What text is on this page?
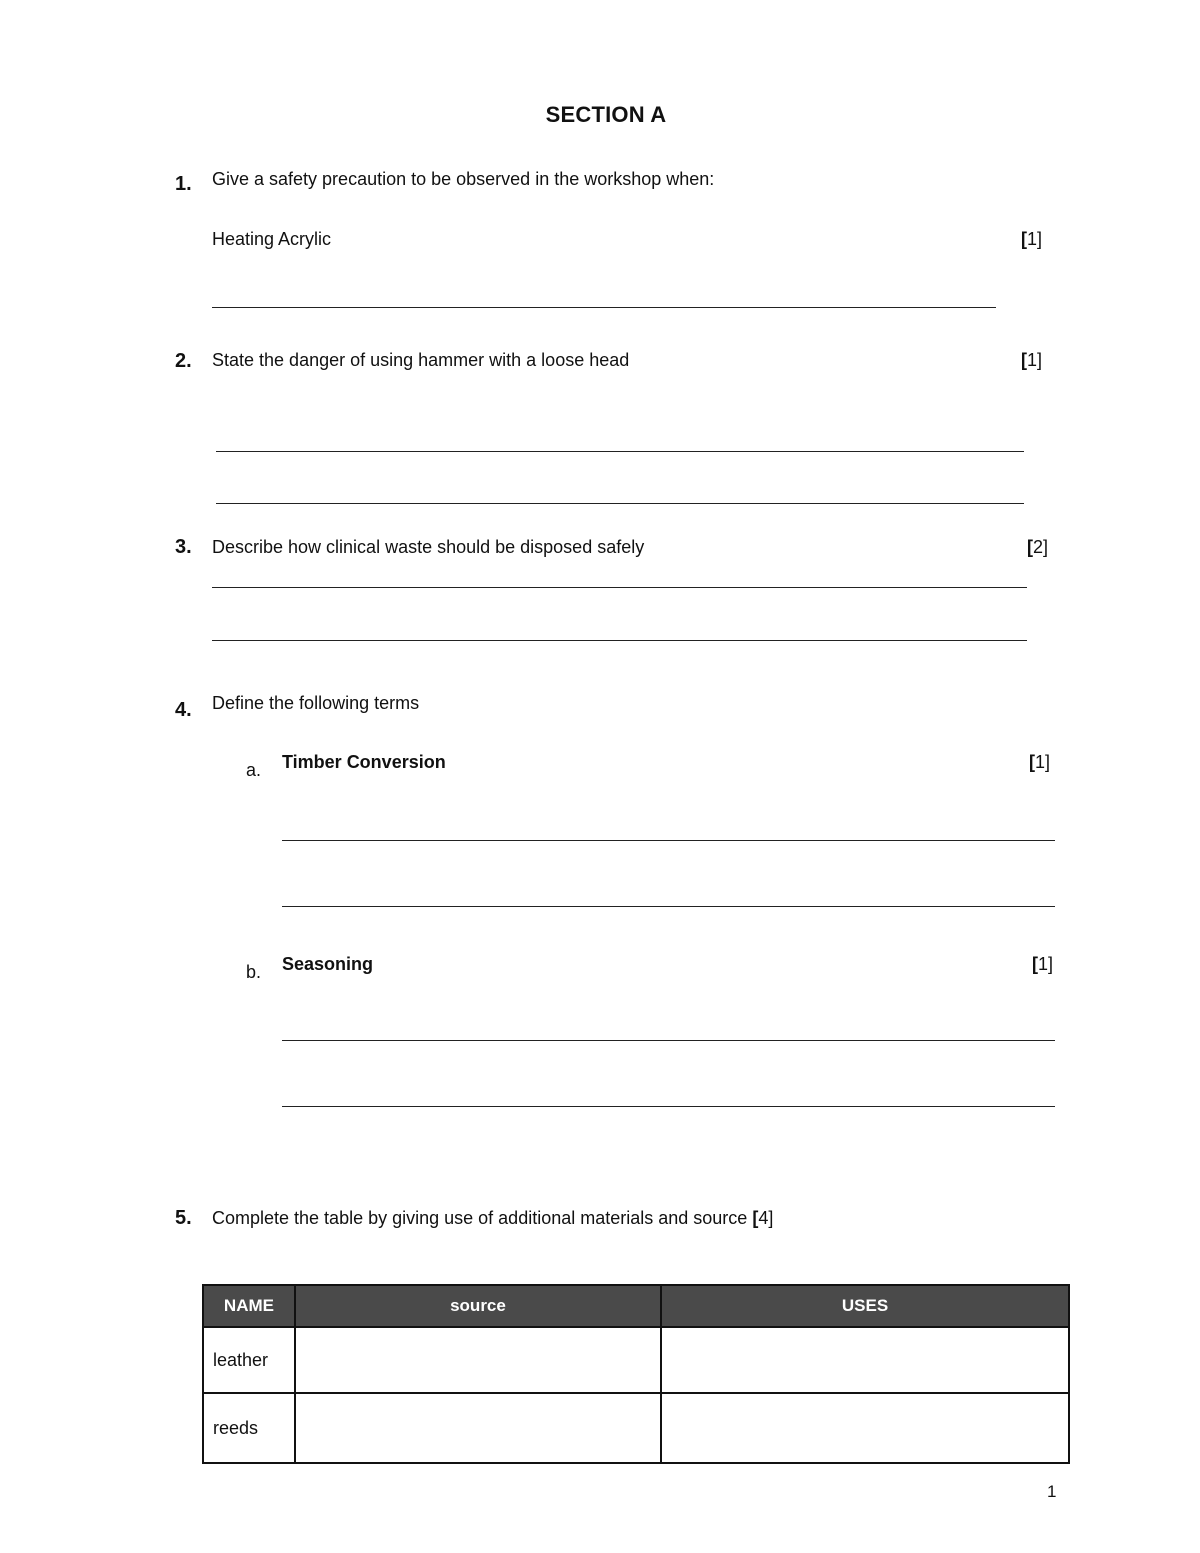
SECTION A
1. Give a safety precaution to be observed in the workshop when:
Heating Acrylic	[1]
2. State the danger of using hammer with a loose head	[1]
3. Describe how clinical waste should be disposed safely	[2]
4. Define the following terms
a. Timber Conversion	[1]
b. Seasoning	[1]
5. Complete the table by giving use of additional materials and source [4]
NAME	source	USES
leather		
reeds		
1
